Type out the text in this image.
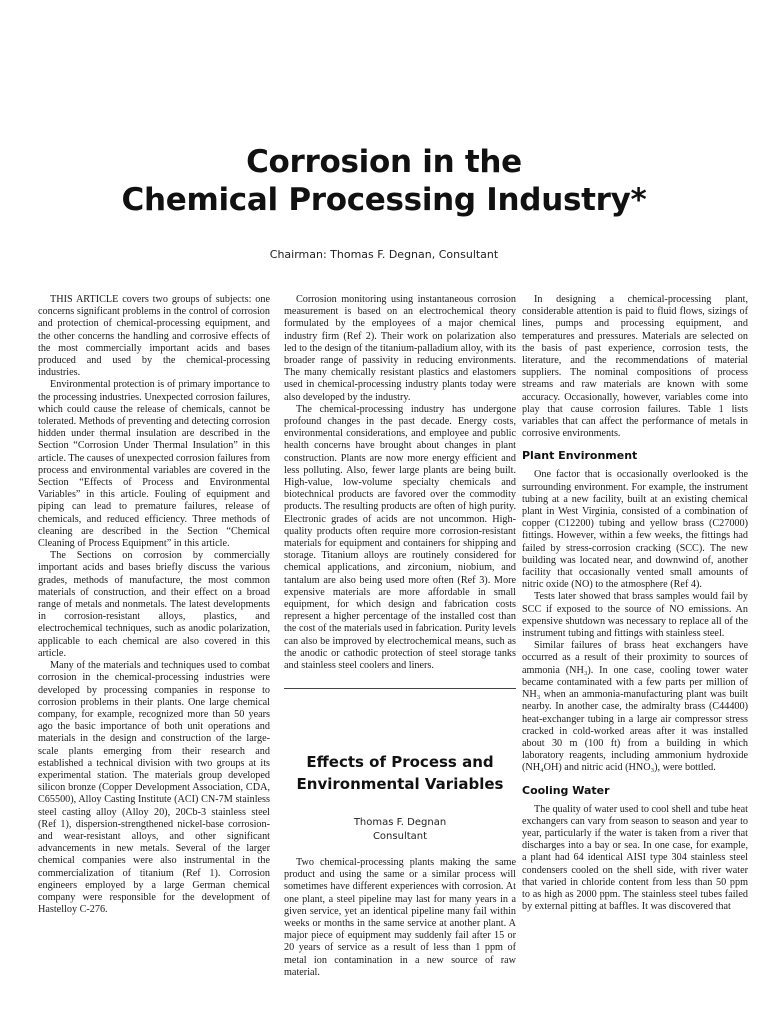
Corrosion in the
Chemical Processing Industry*
Chairman: Thomas F. Degnan, Consultant

THIS ARTICLE covers two groups of subjects: one concerns significant problems in the control of corrosion and protection of chemical-processing equipment, and the other concerns the handling and corrosive effects of the most commercially important acids and bases produced and used by the chemical-processing industries.

Environmental protection is of primary importance to the processing industries. Unexpected corrosion failures, which could cause the release of chemicals, cannot be tolerated. Methods of preventing and detecting corrosion hidden under thermal insulation are described in the Section “Corrosion Under Thermal Insulation” in this article. The causes of unexpected corrosion failures from process and environmental variables are covered in the Section “Effects of Process and Environmental Variables” in this article. Fouling of equipment and piping can lead to premature failures, release of chemicals, and reduced efficiency. Three methods of cleaning are described in the Section “Chemical Cleaning of Process Equipment” in this article.

The Sections on corrosion by commercially important acids and bases briefly discuss the various grades, methods of manufacture, the most common materials of construction, and their effect on a broad range of metals and nonmetals. The latest developments in corrosion-resistant alloys, plastics, and electrochemical techniques, such as anodic polarization, applicable to each chemical are also covered in this article.

Many of the materials and techniques used to combat corrosion in the chemical-processing industries were developed by processing companies in response to corrosion problems in their plants. One large chemical company, for example, recognized more than 50 years ago the basic importance of both unit operations and materials in the design and construction of the large-scale plants emerging from their research and established a technical division with two groups at its experimental station. The materials group developed silicon bronze (Copper Development Association, CDA, C65500), Alloy Casting Institute (ACI) CN-7M stainless steel casting alloy (Alloy 20), 20Cb-3 stainless steel (Ref 1), dispersion-strengthened nickel-base corrosion- and wear-resistant alloys, and other significant advancements in new metals. Several of the larger chemical companies were also instrumental in the commercialization of titanium (Ref 1). Corrosion engineers employed by a large German chemical company were responsible for the development of Hastelloy C-276.

Corrosion monitoring using instantaneous corrosion measurement is based on an electrochemical theory formulated by the employees of a major chemical industry firm (Ref 2). Their work on polarization also led to the design of the titanium-palladium alloy, with its broader range of passivity in reducing environments. The many chemically resistant plastics and elastomers used in chemical-processing industry plants today were also developed by the industry.

The chemical-processing industry has undergone profound changes in the past decade. Energy costs, environmental considerations, and employee and public health concerns have brought about changes in plant construction. Plants are now more energy efficient and less polluting. Also, fewer large plants are being built. High-value, low-volume specialty chemicals and biotechnical products are favored over the commodity products. The resulting products are often of high purity. Electronic grades of acids are not uncommon. High-quality products often require more corrosion-resistant materials for equipment and containers for shipping and storage. Titanium alloys are routinely considered for chemical applications, and zirconium, niobium, and tantalum are also being used more often (Ref 3). More expensive materials are more affordable in small equipment, for which design and fabrication costs represent a higher percentage of the installed cost than the cost of the materials used in fabrication. Purity levels can also be improved by electrochemical means, such as the anodic or cathodic protection of steel storage tanks and stainless steel coolers and liners.

Effects of Process and
Environmental Variables
Thomas F. Degnan
Consultant

Two chemical-processing plants making the same product and using the same or a similar process will sometimes have different experiences with corrosion. At one plant, a steel pipeline may last for many years in a given service, yet an identical pipeline many fail within weeks or months in the same service at another plant. A major piece of equipment may suddenly fail after 15 or 20 years of service as a result of less than 1 ppm of metal ion contamination in a new source of raw material.

In designing a chemical-processing plant, considerable attention is paid to fluid flows, sizings of lines, pumps and processing equipment, and temperatures and pressures. Materials are selected on the basis of past experience, corrosion tests, the literature, and the recommendations of material suppliers. The nominal compositions of process streams and raw materials are known with some accuracy. Occasionally, however, variables come into play that cause corrosion failures. Table 1 lists variables that can affect the performance of metals in corrosive environments.

Plant Environment

One factor that is occasionally overlooked is the surrounding environment. For example, the instrument tubing at a new facility, built at an existing chemical plant in West Virginia, consisted of a combination of copper (C12200) tubing and yellow brass (C27000) fittings. However, within a few weeks, the fittings had failed by stress-corrosion cracking (SCC). The new building was located near, and downwind of, another facility that occasionally vented small amounts of nitric oxide (NO) to the atmosphere (Ref 4).

Tests later showed that brass samples would fail by SCC if exposed to the source of NO emissions. An expensive shutdown was necessary to replace all of the instrument tubing and fittings with stainless steel.

Similar failures of brass heat exchangers have occurred as a result of their proximity to sources of ammonia (NH₃). In one case, cooling tower water became contaminated with a few parts per million of NH₃ when an ammonia-manufacturing plant was built nearby. In another case, the admiralty brass (C44400) heat-exchanger tubing in a large air compressor stress cracked in cold-worked areas after it was installed about 30 m (100 ft) from a building in which laboratory reagents, including ammonium hydroxide (NH₄OH) and nitric acid (HNO₃), were bottled.

Cooling Water

The quality of water used to cool shell and tube heat exchangers can vary from season to season and year to year, particularly if the water is taken from a river that discharges into a bay or sea. In one case, for example, a plant had 64 identical AISI type 304 stainless steel condensers cooled on the shell side, with river water that varied in chloride content from less than 50 ppm to as high as 2000 ppm. The stainless steel tubes failed by external pitting at baffles. It was discovered that
